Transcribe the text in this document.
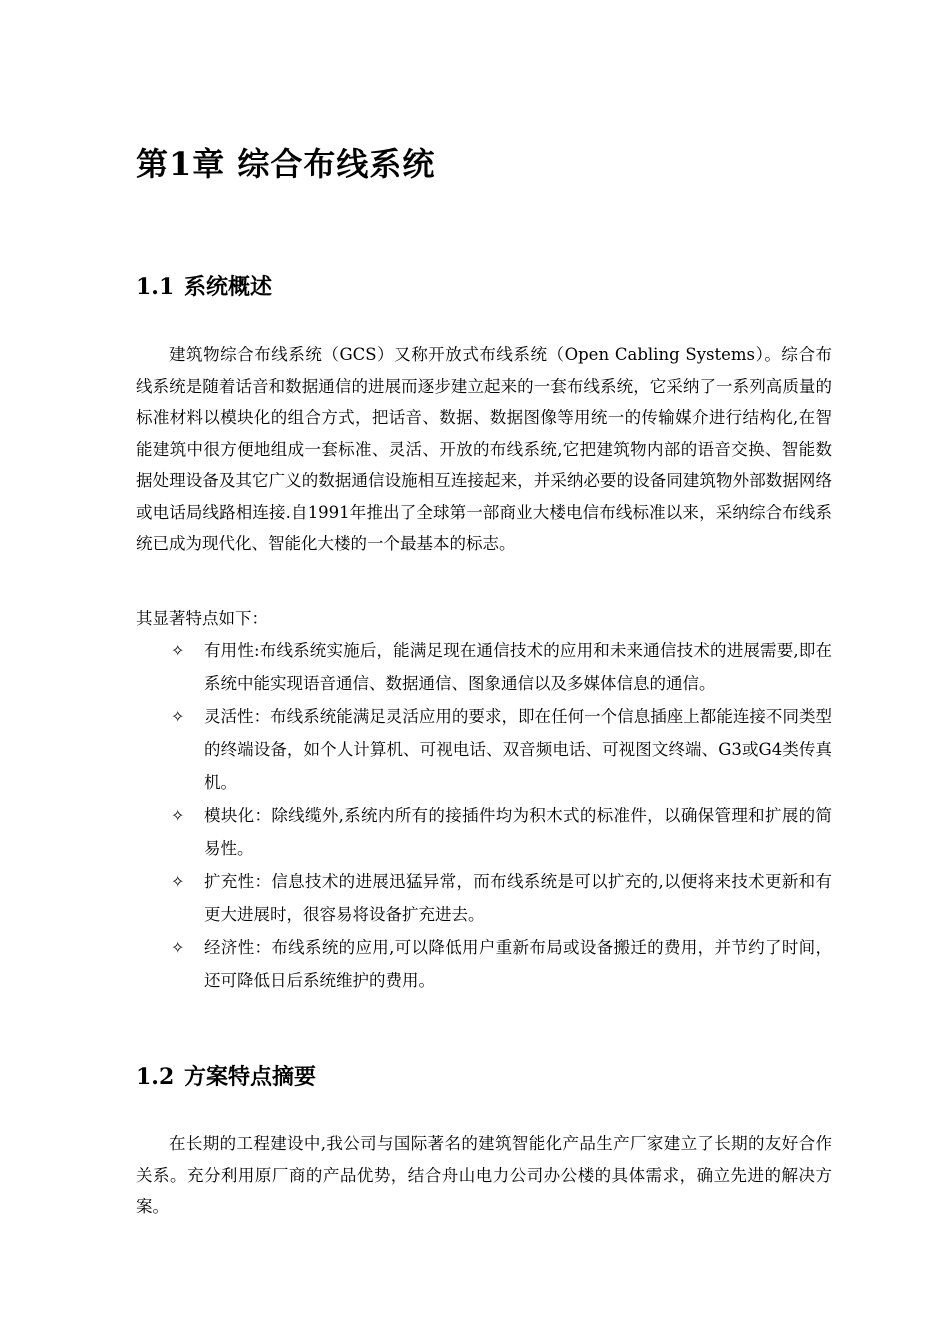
第1章 综合布线系统
1.1 系统概述

建筑物综合布线系统（GCS）又称开放式布线系统（Open Cabling Systems）。综合布线系统是随着话音和数据通信的进展而逐步建立起来的一套布线系统，它采纳了一系列高质量的标准材料以模块化的组合方式，把话音、数据、数据图像等用统一的传输媒介进行结构化,在智能建筑中很方便地组成一套标准、灵活、开放的布线系统,它把建筑物内部的语音交换、智能数据处理设备及其它广义的数据通信设施相互连接起来，并采纳必要的设备同建筑物外部数据网络或电话局线路相连接.自1991年推出了全球第一部商业大楼电信布线标准以来，采纳综合布线系统已成为现代化、智能化大楼的一个最基本的标志。

其显著特点如下：

✧ 有用性:布线系统实施后，能满足现在通信技术的应用和未来通信技术的进展需要,即在系统中能实现语音通信、数据通信、图象通信以及多媒体信息的通信。
✧ 灵活性：布线系统能满足灵活应用的要求，即在任何一个信息插座上都能连接不同类型的终端设备，如个人计算机、可视电话、双音频电话、可视图文终端、G3或G4类传真机。
✧ 模块化：除线缆外,系统内所有的接插件均为积木式的标准件，以确保管理和扩展的简易性。
✧ 扩充性：信息技术的进展迅猛异常，而布线系统是可以扩充的,以便将来技术更新和有更大进展时，很容易将设备扩充进去。
✧ 经济性：布线系统的应用,可以降低用户重新布局或设备搬迁的费用，并节约了时间，还可降低日后系统维护的费用。
1.2 方案特点摘要

在长期的工程建设中,我公司与国际著名的建筑智能化产品生产厂家建立了长期的友好合作关系。充分利用原厂商的产品优势，结合舟山电力公司办公楼的具体需求，确立先进的解决方案。
